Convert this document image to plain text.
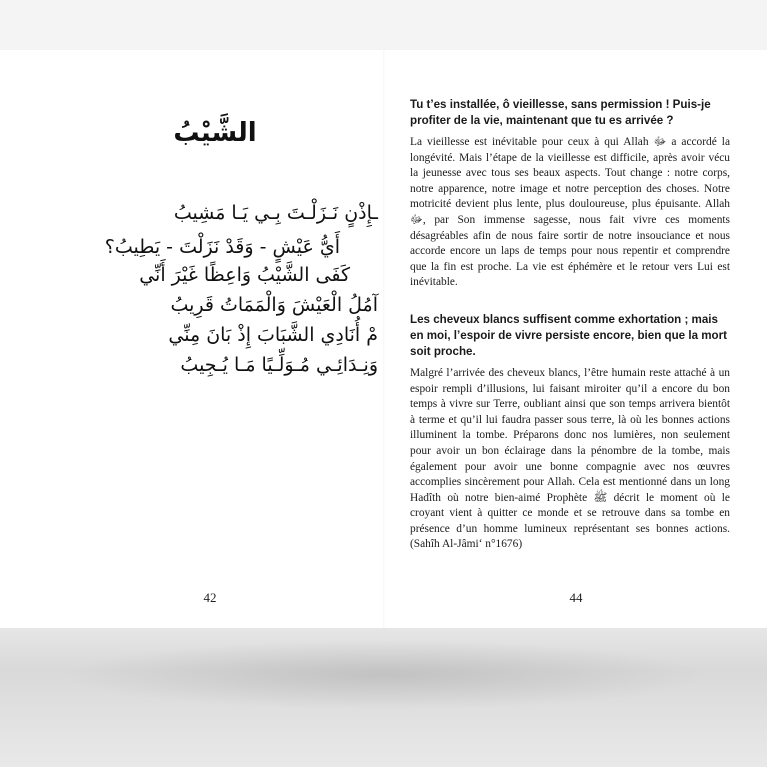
الشَّيْبُ
ـإِذْنٍ نَـزَلْـتَ بِـي يَـا مَشِيبُ
أَيُّ عَيْشٍ - وَقَدْ نَزَلْتَ - يَطِيبُ؟
كَفَى الشَّيْبُ وَاعِظًا غَيْرَ أَنِّي
آمُلُ الْعَيْشَ وَالْمَمَاتُ قَرِيبُ
مْ أُنَادِي الشَّبَابَ إِذْ بَانَ مِنِّي
وَنِـدَائِـي مُـوَلِّـيًا مَـا يُـجِيبُ
42

Tu t’es installée, ô vieillesse, sans permission ! Puis-je profiter de la vie, maintenant que tu es arrivée ?

La vieillesse est inévitable pour ceux à qui Allah ﷻ a accordé la longévité. Mais l’étape de la vieillesse est difficile, après avoir vécu la jeunesse avec tous ses beaux aspects. Tout change : notre corps, notre apparence, notre image et notre perception des choses. Notre motricité devient plus lente, plus douloureuse, plus épuisante. Allah ﷻ, par Son immense sagesse, nous fait vivre ces moments désagréables afin de nous faire sortir de notre insouciance et nous accorde encore un laps de temps pour nous repentir et comprendre que la fin est proche. La vie est éphémère et le retour vers Lui est inévitable.

Les cheveux blancs suffisent comme exhortation ; mais en moi, l’espoir de vivre persiste encore, bien que la mort soit proche.

Malgré l’arrivée des cheveux blancs, l’être humain reste attaché à un espoir rempli d’illusions, lui faisant miroiter qu’il a encore du bon temps à vivre sur Terre, oubliant ainsi que son temps arrivera bientôt à terme et qu’il lui faudra passer sous terre, là où les bonnes actions illuminent la tombe. Préparons donc nos lumières, non seulement pour avoir un bon éclairage dans la pénombre de la tombe, mais également pour avoir une bonne compagnie avec nos œuvres accomplies sincèrement pour Allah. Cela est mentionné dans un long Hadîth où notre bien-aimé Prophète ﷺ décrit le moment où le croyant vient à quitter ce monde et se retrouve dans sa tombe en présence d’un homme lumineux représentant ses bonnes actions. (Sahîh Al-Jâmi‘ n°1676)

44
